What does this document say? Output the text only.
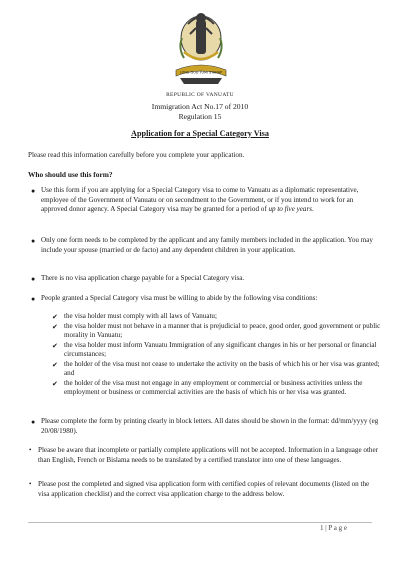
LONG GOD YUMI STANAP
REPUBLIC OF VANUATU
Immigration Act No.17 of 2010
Regulation 15
Application for a Special Category Visa
Please read this information carefully before you complete your application.
Who should use this form?
● Use this form if you are applying for a Special Category visa to come to Vanuatu as a diplomatic representative, employee of the Government of Vanuatu or on secondment to the Government, or if you intend to work for an approved donor agency. A Special Category visa may be granted for a period of up to five years.
● Only one form needs to be completed by the applicant and any family members included in the application. You may include your spouse (married or de facto) and any dependent children in your application.
● There is no visa application charge payable for a Special Category visa.
● People granted a Special Category visa must be willing to abide by the following visa conditions:
✔ the visa holder must comply with all laws of Vanuatu;
✔ the visa holder must not behave in a manner that is prejudicial to peace, good order, good government or public morality in Vanuatu;
✔ the visa holder must inform Vanuatu Immigration of any significant changes in his or her personal or financial circumstances;
✔ the holder of the visa must not cease to undertake the activity on the basis of which his or her visa was granted; and
✔ the holder of the visa must not engage in any employment or commercial or business activities unless the employment or business or commercial activities are the basis of which his or her visa was granted.
● Please complete the form by printing clearly in block letters. All dates should be shown in the format: dd/mm/yyyy (eg 20/08/1980).
• Please be aware that incomplete or partially complete applications will not be accepted. Information in a language other than English, French or Bislama needs to be translated by a certified translator into one of these languages.
• Please post the completed and signed visa application form with certified copies of relevant documents (listed on the visa application checklist) and the correct visa application charge to the address below.
1 | P a g e
